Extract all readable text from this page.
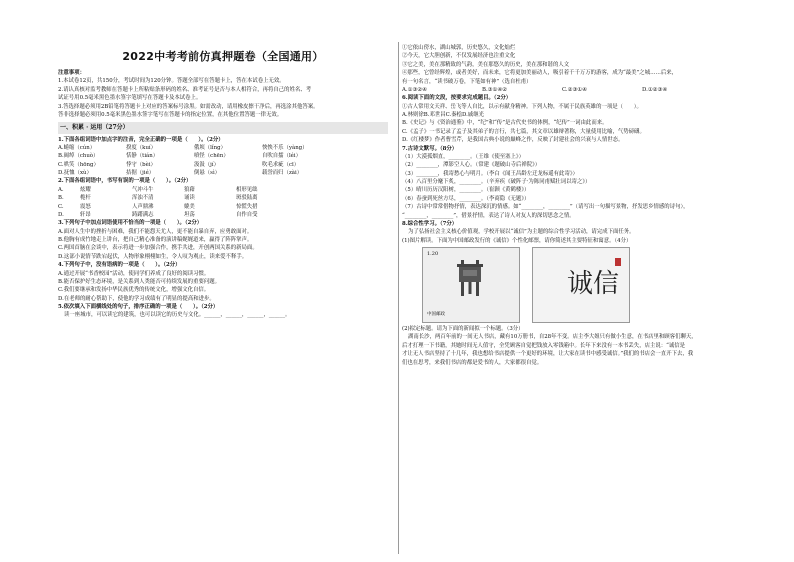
2022中考考前仿真押题卷（全国通用）

注意事项：

1.本试卷12页，共150分，考试时间为120分钟。答题全部写在答题卡上，答在本试卷上无效。

2.请认真核对监考教师在答题卡上所粘贴条形码的姓名、准考证号是否与本人相符合，再将自己的姓名、考

试证号用0.5毫米黑色墨水签字笔填写在答题卡及本试卷上。

3.答选择题必须用2B铅笔将答题卡上对应的答案标号涂黑。如需改动，请用橡皮擦干净后，再选涂其他答案。

答非选择题必须用0.5毫米黑色墨水签字笔写在答题卡的指定位置，在其他位置答题一律无效。

一、积累 · 运用（27分）

1.下面各组词语中加点字的注音，完全正确的一项是（　　）。（2分）

A.蜷缩（cún）	揆度（kuí）	俄顷（lǐng）	怏怏不乐（yàng）
B.阔绰（chuò）	恬静（tián）	嗔怪（chēn）	自吹自擂（léi）
C.哄笑（hōng）	悖守（bèi）	汲汲（jí）	吹毛求疵（cī）
D.抚恤（xù）	拮据（jié）	倒悬（sì）	载誉而归（zài）

2.下面各组词语中，书写有误的一项是（　　）。（2分）

A.	炫耀	气冲斗牛	狼藉	相形见绌
B.	桅杆	浑浊不清	诵读	斑驳陆离
C.	震怒	人声鼎沸	媲美	惊慌失措
D.	轩昂	踌躇满志	坦荡	自作自受

3.下列句子中加点词语使用不恰当的一项是（　　）。（2分）

A.面对人生中的挫折与困难，我们不能怨天尤人，更不能自暴自弃，应勇敢面对。

B.他胸有成竹地走上讲台，把自己精心准备的演讲稿娓娓道来，赢得了阵阵掌声。

C.两国首脑在会谈中，表示将进一步加强合作，携手共进，开创两国关系的新局面。

D.这部小说情节跌宕起伏，人物形象栩栩如生，令人叹为观止，读来爱不释手。

4.下列句子中，没有语病的一项是（　　）。（2分）

A.通过开展“书香校园”活动，使同学们养成了良好的阅读习惯。

B.能否保护好生态环境，是关系到人类能否可持续发展的重要问题。

C.我们要继承和发扬中华民族优秀的传统文化，增强文化自信。

D.在老师的耐心帮助下，使他的学习成绩有了明显的提高和进步。

5.依次填入下面横线处的句子，排序正确的一项是（　　）。（2分）

读一座城市，可以读它的建筑，也可以读它的历史与文化。______，______，______，______。

①它依山傍水，湖山城郭，历史悠久，文化灿烂

②今天，它大胆创新，不仅发展经济也注重文化

③它之美，美在那精致的气韵，美在那悠久的历史，美在那和谐的人文

④那些，它曾经辉煌，或者美好，而未来，它将更加美丽动人，吸引着千千万万的游客，成为“最美”之城……后来，

有一句名言，“读书破万卷，下笔如有神”（选自杜甫）

A.①③②④	B.③①④②	C.②③①④	D.①②③④

6.阅读下面的文段，按要求完成题目。（2分）

①古人常用文天祥、岳飞等人自比，以示有献身精神。下列人物，不属于民族英雄的一项是（　　）。

A.林则徐B.邓世昌C.秦桧D.戚继光

B.《史记》与《资治通鉴》中，“纪”和“传”是古代史书的体例，“纪传”一词由此而来。

C.《孟子》一书记录了孟子及其弟子的言行，共七篇，其文章以雄辩著称，大量使用比喻，气势磅礴。

D.《红楼梦》作者曹雪芹，是我国古典小说的巅峰之作，反映了封建社会的兴衰与人情世态。

7.古诗文默写。（8分）

（1）大漠孤烟直，________。（王维《使至塞上》）

（2）________，潭影空人心。（常建《题破山寺后禅院》）

（3）________，我寄愁心与明月。（李白《闻王昌龄左迁龙标遥有此寄》）

（4）八百里分麾下炙，________。（辛弃疾《破阵子·为陈同甫赋壮词以寄之》）

（5）晴川历历汉阳树，________。（崔颢《黄鹤楼》）

（6）春蚕到死丝方尽，________。（李商隐《无题》）

（7）古诗中常常借物抒情，表达深沉的情感。如“________，________”（请写出一句描写景物，抒发思乡情感的诗句），

“________，________”，借景抒情，表达了诗人对友人的深切思念之情。

8.综合性学习。（7分）

为了弘扬社会主义核心价值观，学校开展以“诚信”为主题的综合性学习活动，请完成下面任务。

(1)图片解读。下面为中国邮政发行的《诚信》个性化邮票，请你简述其主要特征和寓意。（4分）

1.20
中国邮政
诚信

(2)拟定标题。请为下面的新闻拟一个标题。（3分）

湖南长沙，两百年前的一间无人书店，藏有10万册书，自28年不变。店主李大姐只有做小生意，在书店里和顾客们聊天，

后才打理一下书籍，其她时间无人值守，全凭顾客自觉把钱放入零钱箱中。长年下来没有一本书丢失，店主说：“诚信是

才让无人书店坚持了十几年，我也想给书店提供一个更好的环境，让大家在读书中感受诚信。”我们的书店会一直开下去，我

们也在思考，来我们书店的都是爱书的人，大家都很自觉。
